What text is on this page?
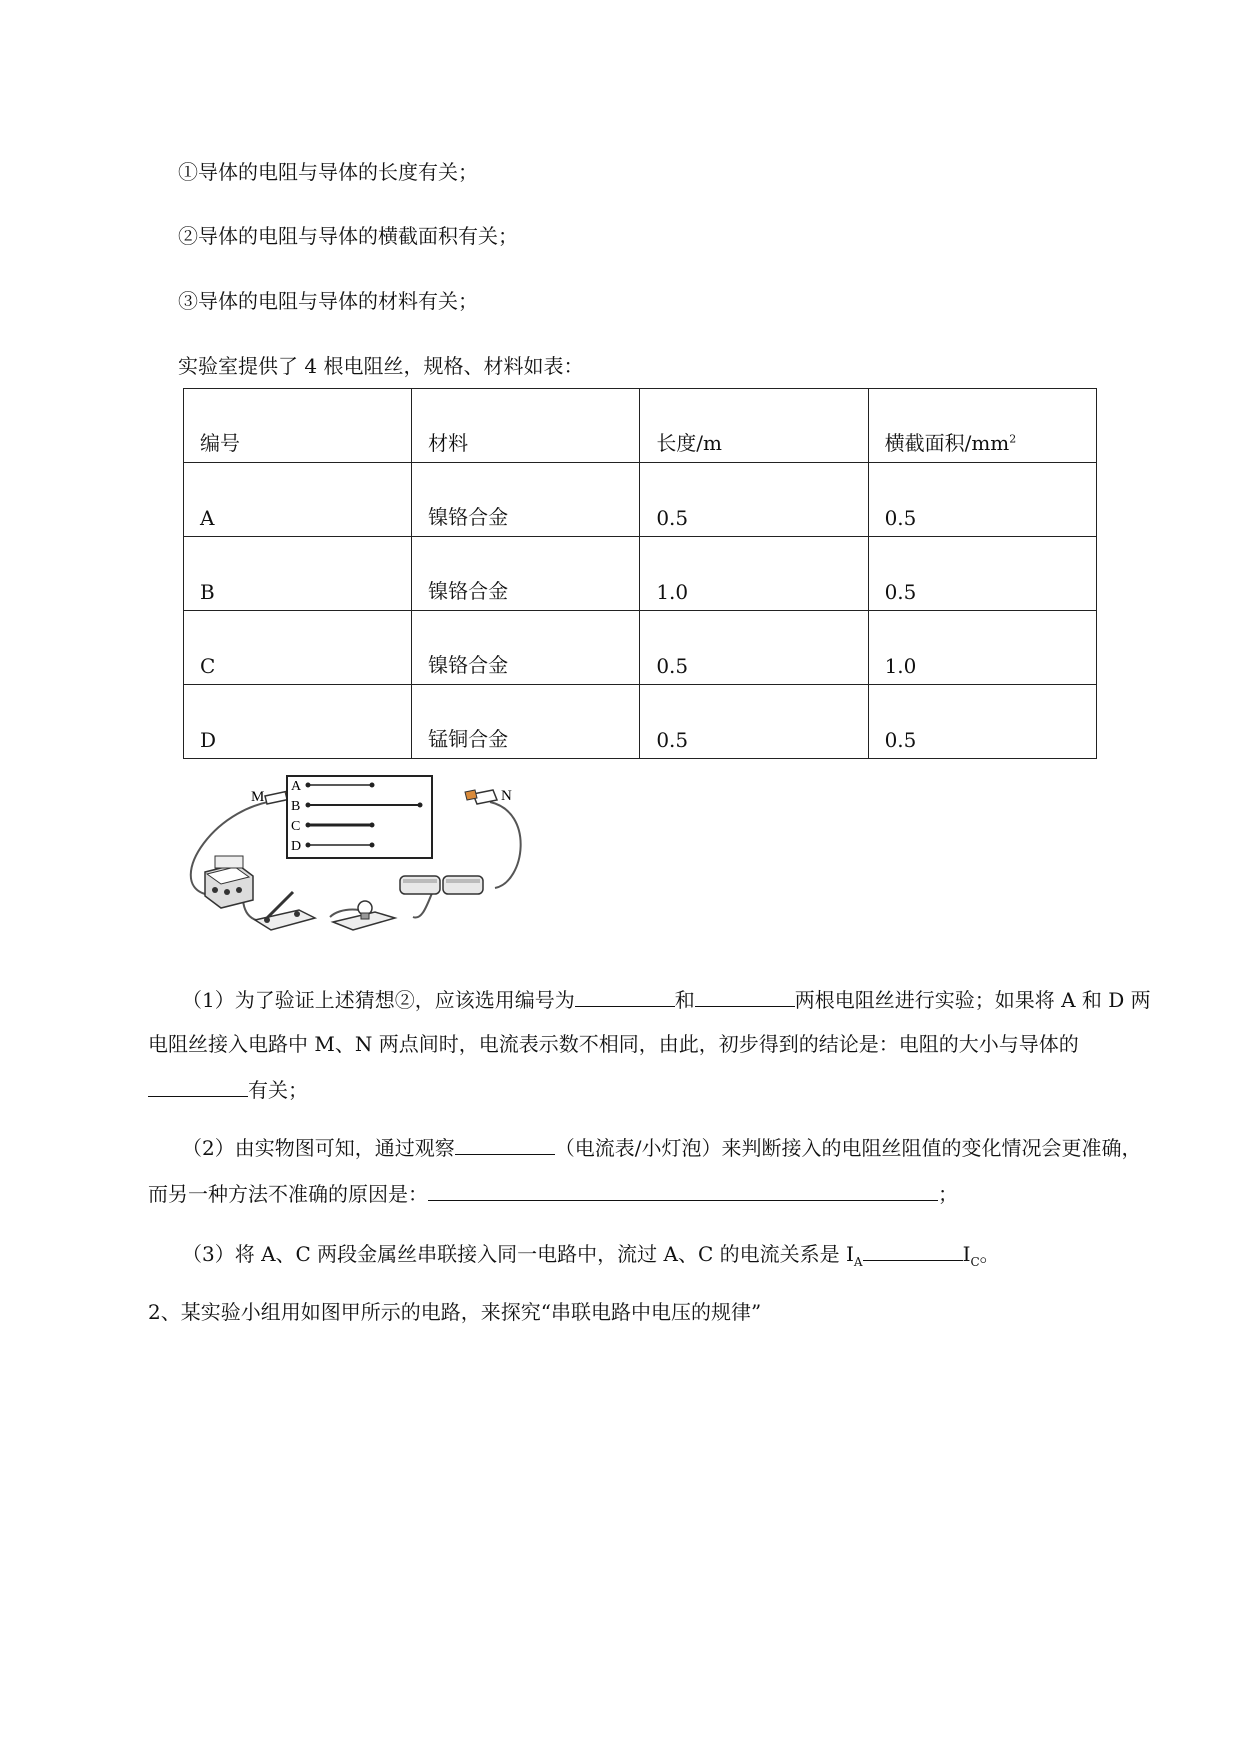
①导体的电阻与导体的长度有关；
②导体的电阻与导体的横截面积有关；
③导体的电阻与导体的材料有关；
实验室提供了 4 根电阻丝，规格、材料如表：
编号	材料	长度/m	横截面积$/mm^2$
A	镍铬合金	0.5	0.5
B	镍铬合金	1.0	0.5
C	镍铬合金	0.5	1.0
D	锰铜合金	0.5	0.5
M	N
A
B
C
D
（1）为了验证上述猜想②，应该选用编号为	和	两根电阻丝进行实验；如果将 A 和 D 两电阻丝接入电路中 M、N 两点间时，电流表示数不相同，由此，初步得到的结论是：电阻的大小与导体的有关；
（2）由实物图可知，通过观察	（电流表/小灯泡）来判断接入的电阻丝阻值的变化情况会更准确，而另一种方法不准确的原因是：	；
（3）将 A、C 两段金属丝串联接入同一电路中，流过 A、C 的电流关系是 $I_A$	$I_C$。
2、某实验小组用如图甲所示的电路，来探究“串联电路中电压的规律”
